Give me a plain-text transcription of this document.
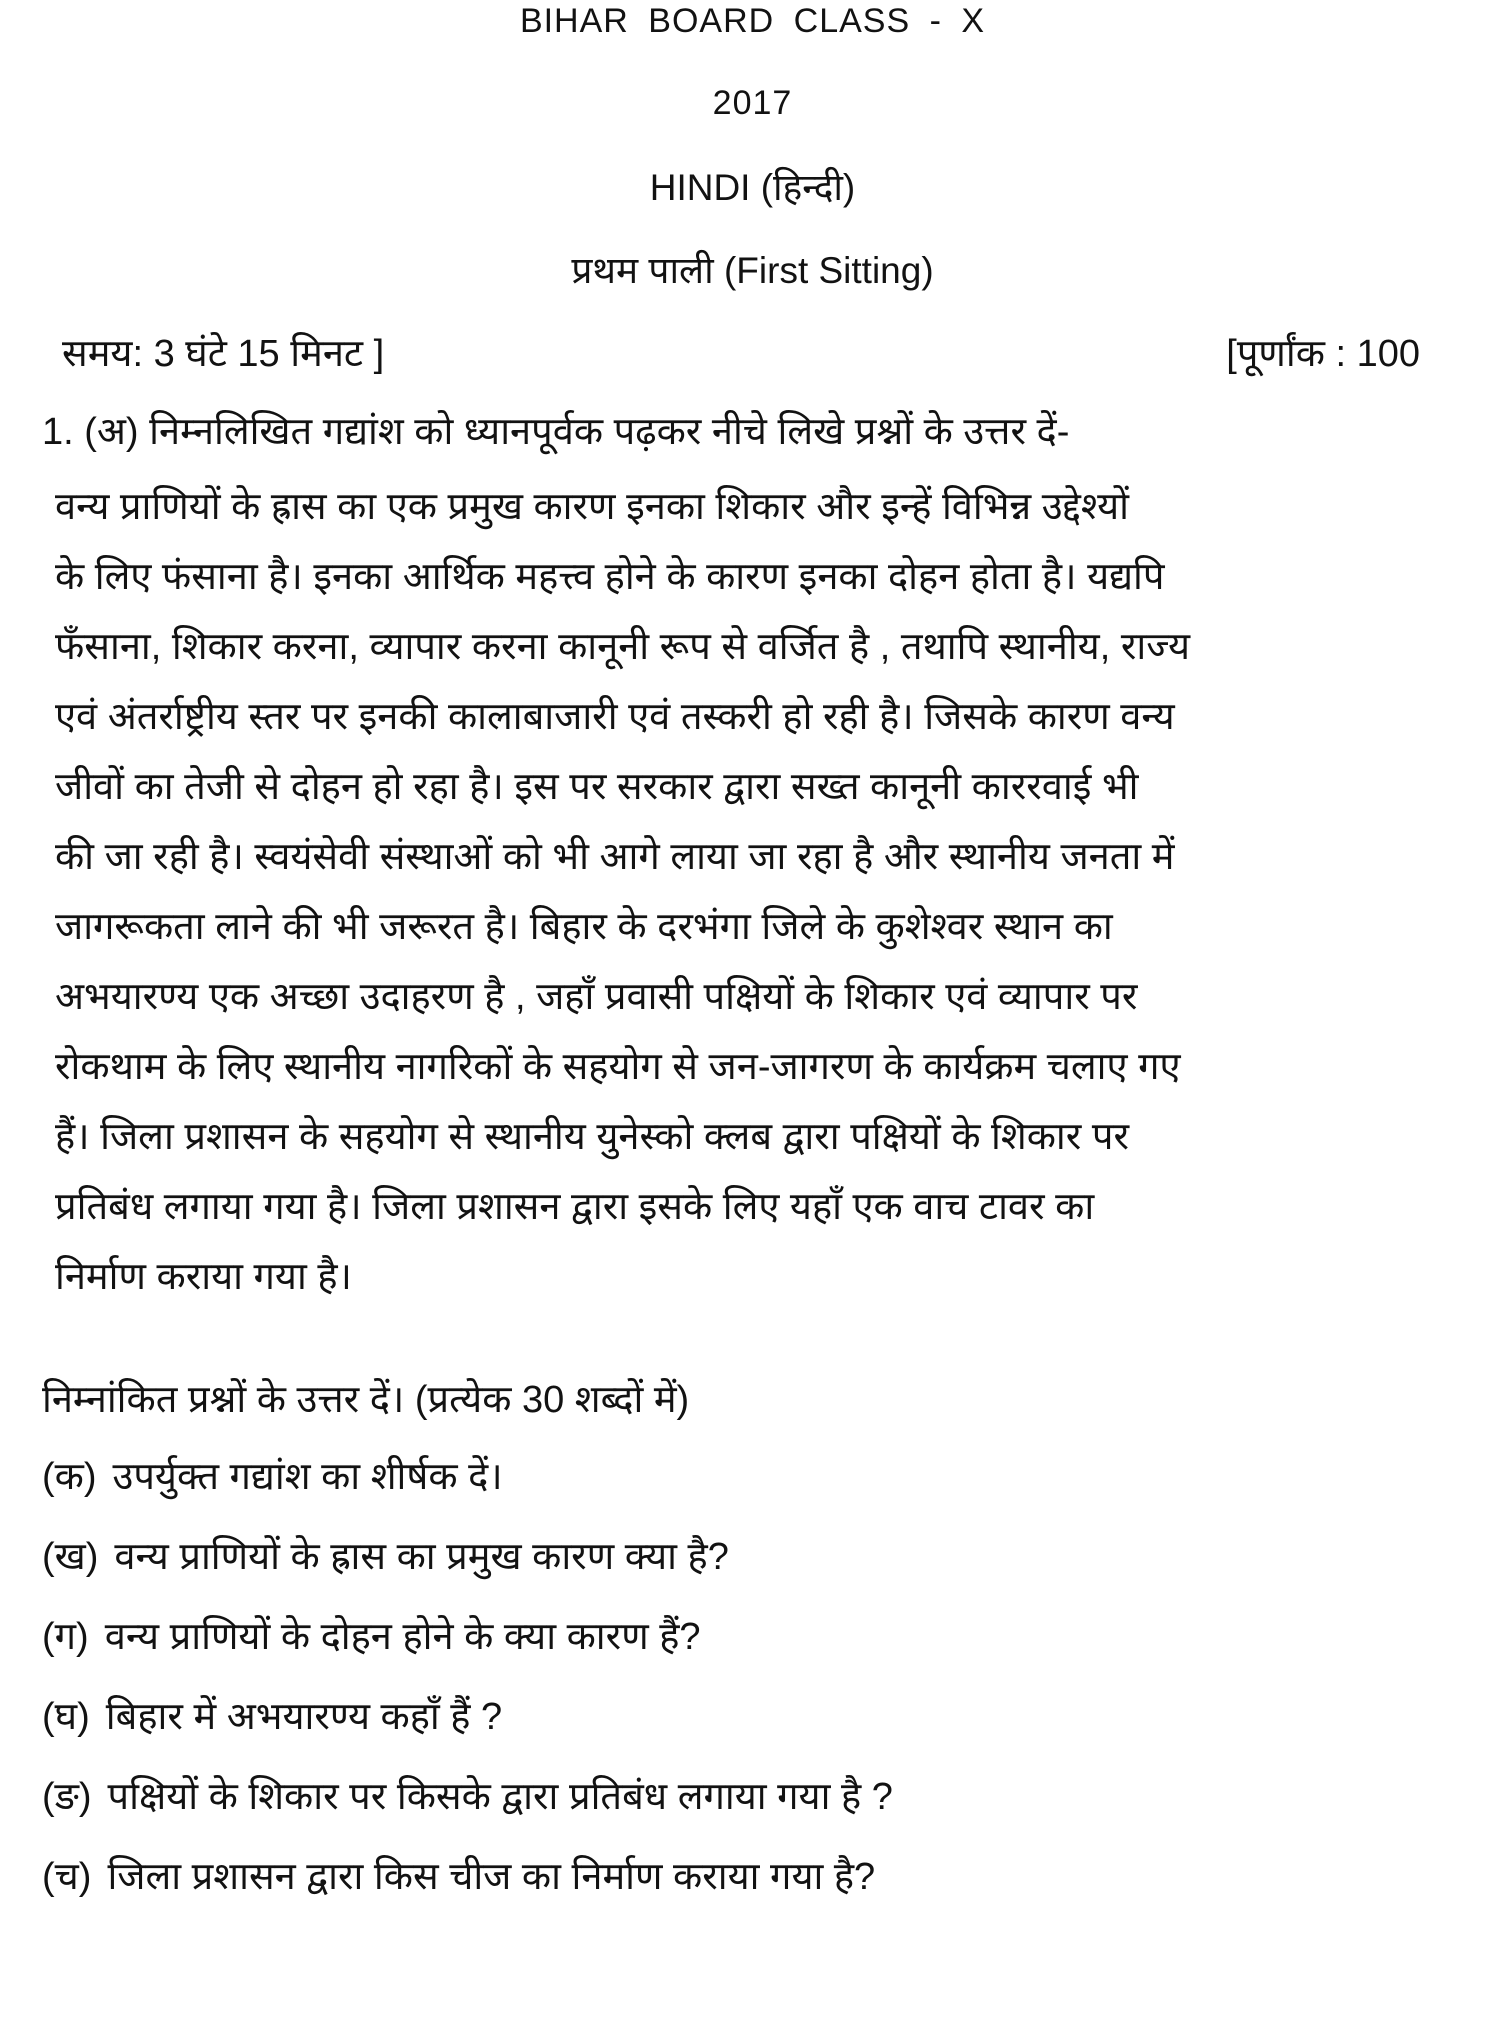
BIHAR BOARD CLASS - X
2017
HINDI (हिन्दी)
प्रथम पाली (First Sitting)
समय: 3 घंटे 15 मिनट ]	[पूर्णांक : 100
1. (अ) निम्नलिखित गद्यांश को ध्यानपूर्वक पढ़कर नीचे लिखे प्रश्नों के उत्तर दें-
वन्य प्राणियों के ह्रास का एक प्रमुख कारण इनका शिकार और इन्हें विभिन्न उद्देश्यों
के लिए फंसाना है। इनका आर्थिक महत्त्व होने के कारण इनका दोहन होता है। यद्यपि
फँसाना, शिकार करना, व्यापार करना कानूनी रूप से वर्जित है , तथापि स्थानीय, राज्य
एवं अंतर्राष्ट्रीय स्तर पर इनकी कालाबाजारी एवं तस्करी हो रही है। जिसके कारण वन्य
जीवों का तेजी से दोहन हो रहा है। इस पर सरकार द्वारा सख्त कानूनी काररवाई भी
की जा रही है। स्वयंसेवी संस्थाओं को भी आगे लाया जा रहा है और स्थानीय जनता में
जागरूकता लाने की भी जरूरत है। बिहार के दरभंगा जिले के कुशेश्वर स्थान का
अभयारण्य एक अच्छा उदाहरण है , जहाँ प्रवासी पक्षियों के शिकार एवं व्यापार पर
रोकथाम के लिए स्थानीय नागरिकों के सहयोग से जन-जागरण के कार्यक्रम चलाए गए
हैं। जिला प्रशासन के सहयोग से स्थानीय युनेस्को क्लब द्वारा पक्षियों के शिकार पर
प्रतिबंध लगाया गया है। जिला प्रशासन द्वारा इसके लिए यहाँ एक वाच टावर का
निर्माण कराया गया है।
निम्नांकित प्रश्नों के उत्तर दें। (प्रत्येक 30 शब्दों में)
(क) उपर्युक्त गद्यांश का शीर्षक दें।
(ख) वन्य प्राणियों के ह्रास का प्रमुख कारण क्या है?
(ग) वन्य प्राणियों के दोहन होने के क्या कारण हैं?
(घ) बिहार में अभयारण्य कहाँ हैं ?
(ङ) पक्षियों के शिकार पर किसके द्वारा प्रतिबंध लगाया गया है ?
(च) जिला प्रशासन द्वारा किस चीज का निर्माण कराया गया है?
